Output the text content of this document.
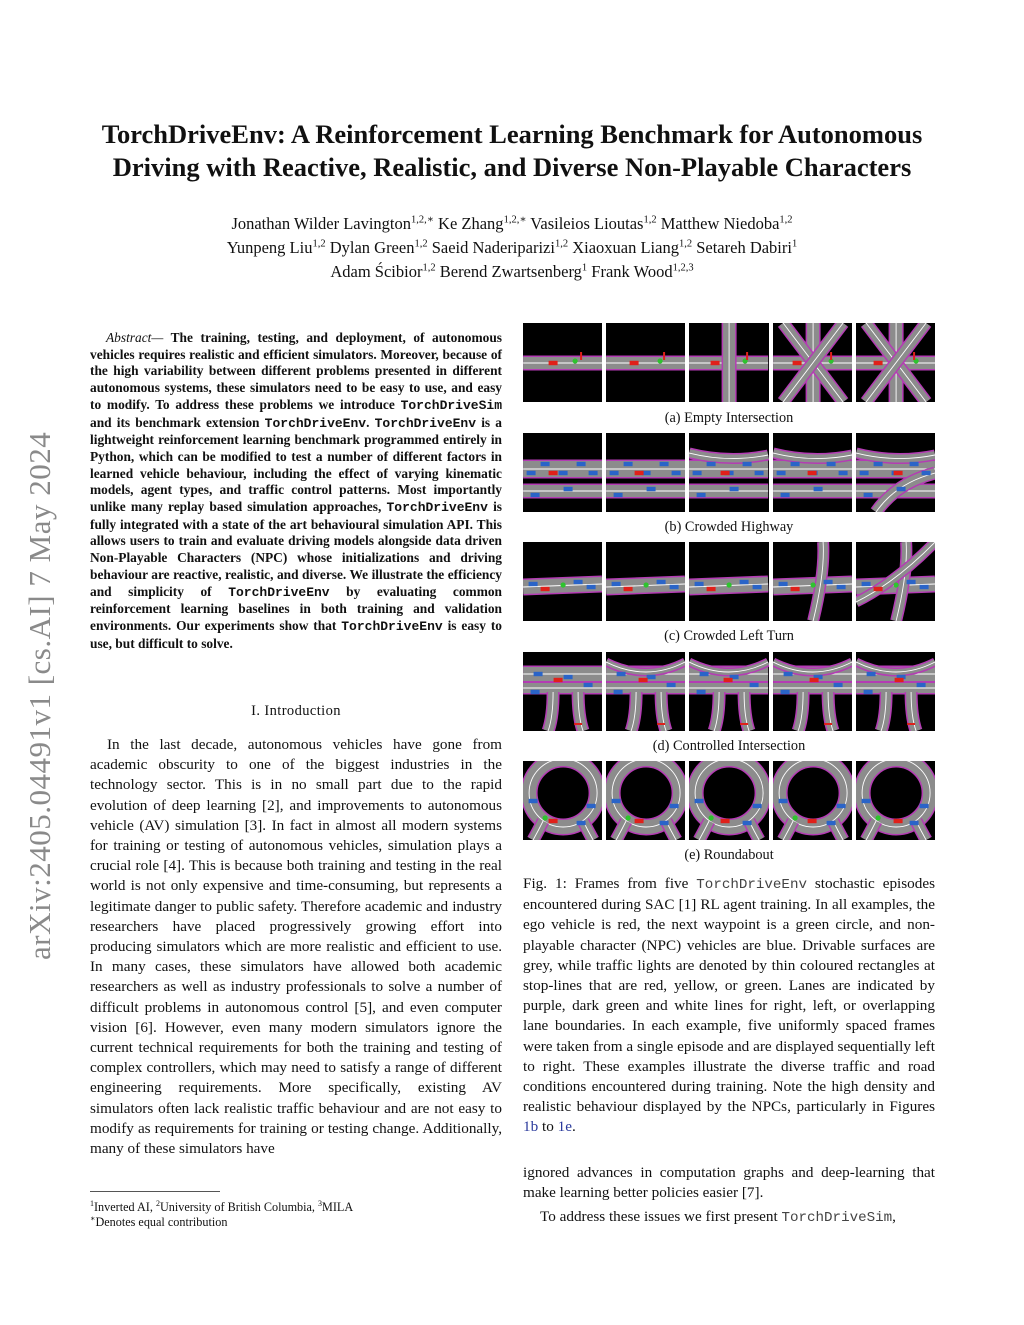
arXiv:2405.04491v1 [cs.AI] 7 May 2024
TorchDriveEnv: A Reinforcement Learning Benchmark for Autonomous Driving with Reactive, Realistic, and Diverse Non-Playable Characters
Jonathan Wilder Lavington$^{1,2,∗}$ Ke Zhang$^{1,2,∗}$ Vasileios Lioutas$^{1,2}$ Matthew Niedoba$^{1,2}$
Yunpeng Liu$^{1,2}$ Dylan Green$^{1,2}$ Saeid Naderiparizi$^{1,2}$ Xiaoxuan Liang$^{1,2}$ Setareh Dabiri$^1$
Adam Ścibior$^{1,2}$ Berend Zwartsenberg$^1$ Frank Wood$^{1,2,3}$
Abstract— The training, testing, and deployment, of autonomous vehicles requires realistic and efficient simulators. Moreover, because of the high variability between different problems presented in different autonomous systems, these simulators need to be easy to use, and easy to modify. To address these problems we introduce TorchDriveSim and its benchmark extension TorchDriveEnv. TorchDriveEnv is a lightweight reinforcement learning benchmark programmed entirely in Python, which can be modified to test a number of different factors in learned vehicle behaviour, including the effect of varying kinematic models, agent types, and traffic control patterns. Most importantly unlike many replay based simulation approaches, TorchDriveEnv is fully integrated with a state of the art behavioural simulation API. This allows users to train and evaluate driving models alongside data driven Non-Playable Characters (NPC) whose initializations and driving behaviour are reactive, realistic, and diverse. We illustrate the efficiency and simplicity of TorchDriveEnv by evaluating common reinforcement learning baselines in both training and validation environments. Our experiments show that TorchDriveEnv is easy to use, but difficult to solve.
I. Introduction
In the last decade, autonomous vehicles have gone from academic obscurity to one of the biggest industries in the technology sector. This is in no small part due to the rapid evolution of deep learning [2], and improvements to autonomous vehicle (AV) simulation [3]. In fact in almost all modern systems for training or testing of autonomous vehicles, simulation plays a crucial role [4]. This is because both training and testing in the real world is not only expensive and time-consuming, but represents a legitimate danger to public safety. Therefore academic and industry researchers have placed progressively growing effort into producing simulators which are more realistic and efficient to use. In many cases, these simulators have allowed both academic researchers as well as industry professionals to solve a number of difficult problems in autonomous control [5], and even computer vision [6]. However, even many modern simulators ignore the current technical requirements for both the training and testing of complex controllers, which may need to satisfy a range of different engineering requirements. More specifically, existing AV simulators often lack realistic traffic behaviour and are not easy to modify as requirements for training or testing change. Additionally, many of these simulators have
$^1$Inverted AI, $^2$University of British Columbia, $^3$MILA
∗Denotes equal contribution
(a) Empty Intersection
(b) Crowded Highway
(c) Crowded Left Turn
(d) Controlled Intersection
(e) Roundabout
Fig. 1: Frames from five TorchDriveEnv stochastic episodes encountered during SAC [1] RL agent training. In all examples, the ego vehicle is red, the next waypoint is a green circle, and non-playable character (NPC) vehicles are blue. Drivable surfaces are grey, while traffic lights are denoted by thin coloured rectangles at stop-lines that are red, yellow, or green. Lanes are indicated by purple, dark green and white lines for right, left, or overlapping lane boundaries. In each example, five uniformly spaced frames were taken from a single episode and are displayed sequentially left to right. These examples illustrate the diverse traffic and road conditions encountered during training. Note the high density and realistic behaviour displayed by the NPCs, particularly in Figures 1b to 1e.

ignored advances in computation graphs and deep-learning that make learning better policies easier [7].

To address these issues we first present TorchDriveSim,
